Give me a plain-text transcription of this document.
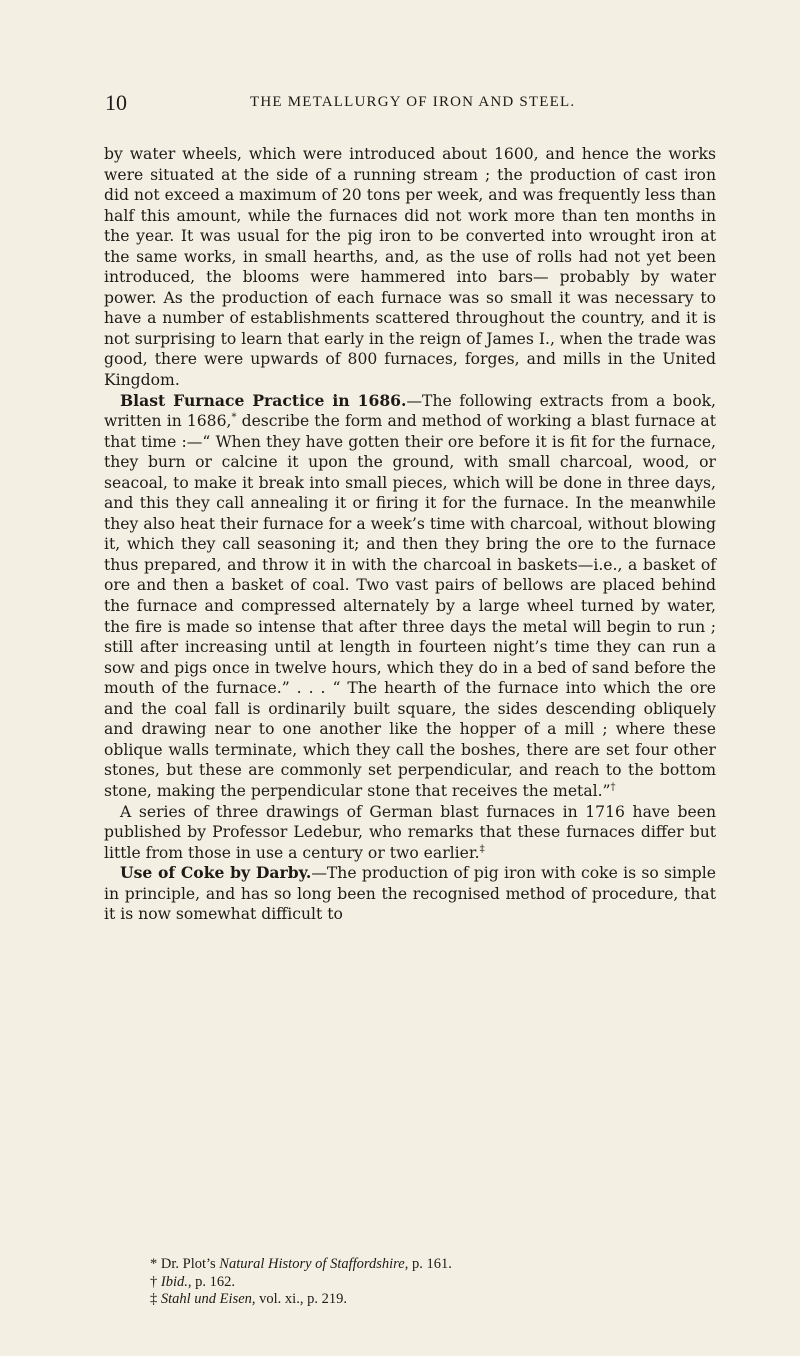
10	THE METALLURGY OF IRON AND STEEL.

by water wheels, which were introduced about 1600, and hence the works were situated at the side of a running stream ; the production of cast iron did not exceed a maximum of 20 tons per week, and was frequently less than half this amount, while the furnaces did not work more than ten months in the year. It was usual for the pig iron to be converted into wrought iron at the same works, in small hearths, and, as the use of rolls had not yet been introduced, the blooms were hammered into bars— probably by water power. As the production of each furnace was so small it was necessary to have a number of establishments scattered throughout the country, and it is not surprising to learn that early in the reign of James I., when the trade was good, there were upwards of 800 furnaces, forges, and mills in the United Kingdom.

Blast Furnace Practice in 1686.—The following extracts from a book, written in 1686,* describe the form and method of working a blast furnace at that time :—“ When they have gotten their ore before it is fit for the furnace, they burn or calcine it upon the ground, with small charcoal, wood, or seacoal, to make it break into small pieces, which will be done in three days, and this they call annealing it or firing it for the furnace. In the meanwhile they also heat their furnace for a week’s time with charcoal, without blowing it, which they call seasoning it; and then they bring the ore to the furnace thus prepared, and throw it in with the charcoal in baskets—i.e., a basket of ore and then a basket of coal. Two vast pairs of bellows are placed behind the furnace and compressed alternately by a large wheel turned by water, the fire is made so intense that after three days the metal will begin to run ; still after increasing until at length in fourteen night’s time they can run a sow and pigs once in twelve hours, which they do in a bed of sand before the mouth of the furnace.” . . . “ The hearth of the furnace into which the ore and the coal fall is ordinarily built square, the sides descending obliquely and drawing near to one another like the hopper of a mill ; where these oblique walls terminate, which they call the boshes, there are set four other stones, but these are commonly set perpendicular, and reach to the bottom stone, making the perpendicular stone that receives the metal.”†

A series of three drawings of German blast furnaces in 1716 have been published by Professor Ledebur, who remarks that these furnaces differ but little from those in use a century or two earlier.‡

Use of Coke by Darby.—The production of pig iron with coke is so simple in principle, and has so long been the recognised method of procedure, that it is now somewhat difficult to

* Dr. Plot’s Natural History of Staffordshire, p. 161.
† Ibid., p. 162.
‡ Stahl und Eisen, vol. xi., p. 219.
